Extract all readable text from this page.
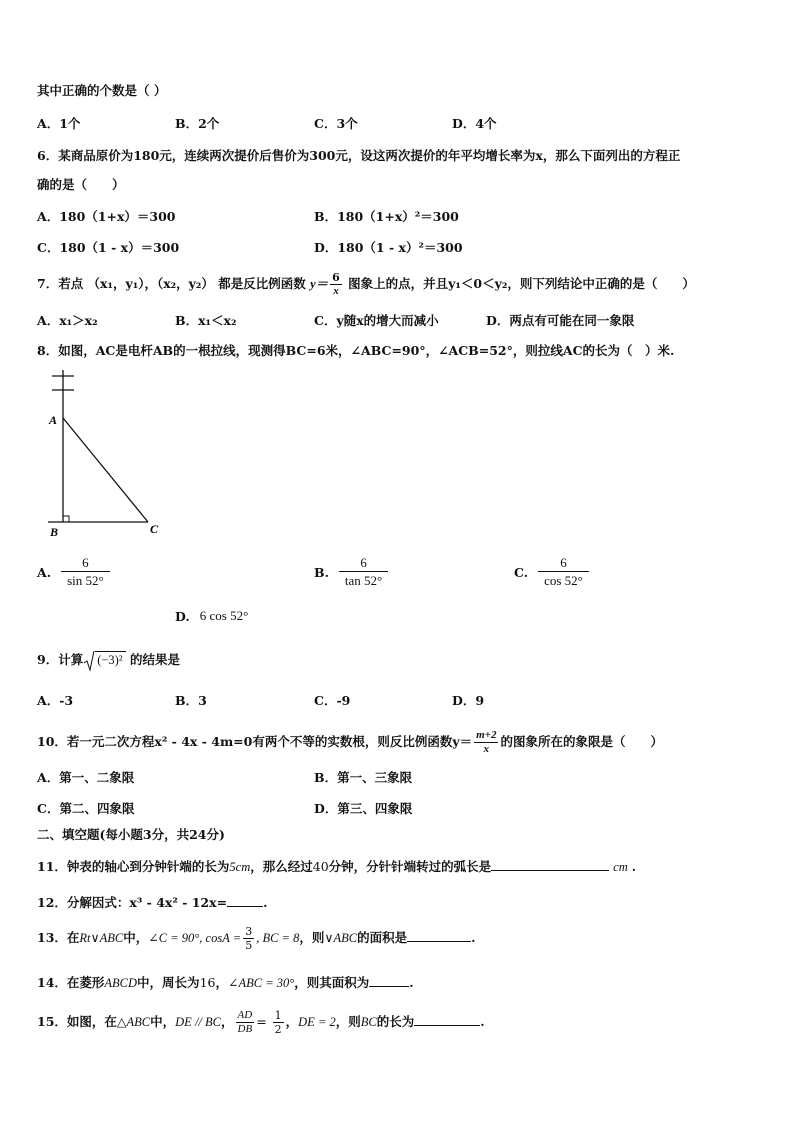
其中正确的个数是（ ）
A．1个	B．2个	C．3个	D．4个
6．某商品原价为180元，连续两次提价后售价为300元，设这两次提价的年平均增长率为x，那么下面列出的方程正
确的是（　　）
A．180（1+x）＝300	B．180（1+x）²＝300
C．180（1 - x）＝300	D．180（1 - x）²＝300
7．若点 （x₁，y₁），（x₂，y₂） 都是反比例函数 $y= \frac{6}{x}$ 图象上的点，并且y₁＜0＜y₂，则下列结论中正确的是（　　）
A．x₁＞x₂	B．x₁＜x₂	C．y随x的增大而减小	D．两点有可能在同一象限
8．如图，AC是电杆AB的一根拉线，现测得BC=6米，∠ABC=90°，∠ACB=52°，则拉线AC的长为（　）米.
A
B	C
A. $\frac{6}{\sin 52^\circ}$	B. $\frac{6}{\tan 52^\circ}$	C. $\frac{6}{\cos 52^\circ}$
D. 6 cos 52°
9．计算 (−3)² 的结果是
A．-3	B．3	C．-9	D．9
10．若一元二次方程x² - 4x - 4m=0有两个不等的实数根，则反比例函数$y= \frac{m+2}{x}$ 的图象所在的象限是（　　）
A．第一、二象限	B．第一、三象限
C．第二、四象限	D．第三、四象限
二、填空题(每小题3分，共24分)
11．钟表的轴心到分钟针端的长为5cm，那么经过40分钟，分针针端转过的弧长是	cm .
12．分解因式：x³ - 4x² - 12x=	.
13．在Rt∨ABC中，∠C = 90°, $\cos A = \frac{3}{5}$ , BC = 8，则∨ABC的面积是	.
14．在菱形ABCD中，周长为16，∠ABC = 30°，则其面积为	.
15．如图，在△ABC中，DE // BC， $\frac{AD}{DB} = \frac{1}{2}$ ，DE = 2，则BC的长为	.
